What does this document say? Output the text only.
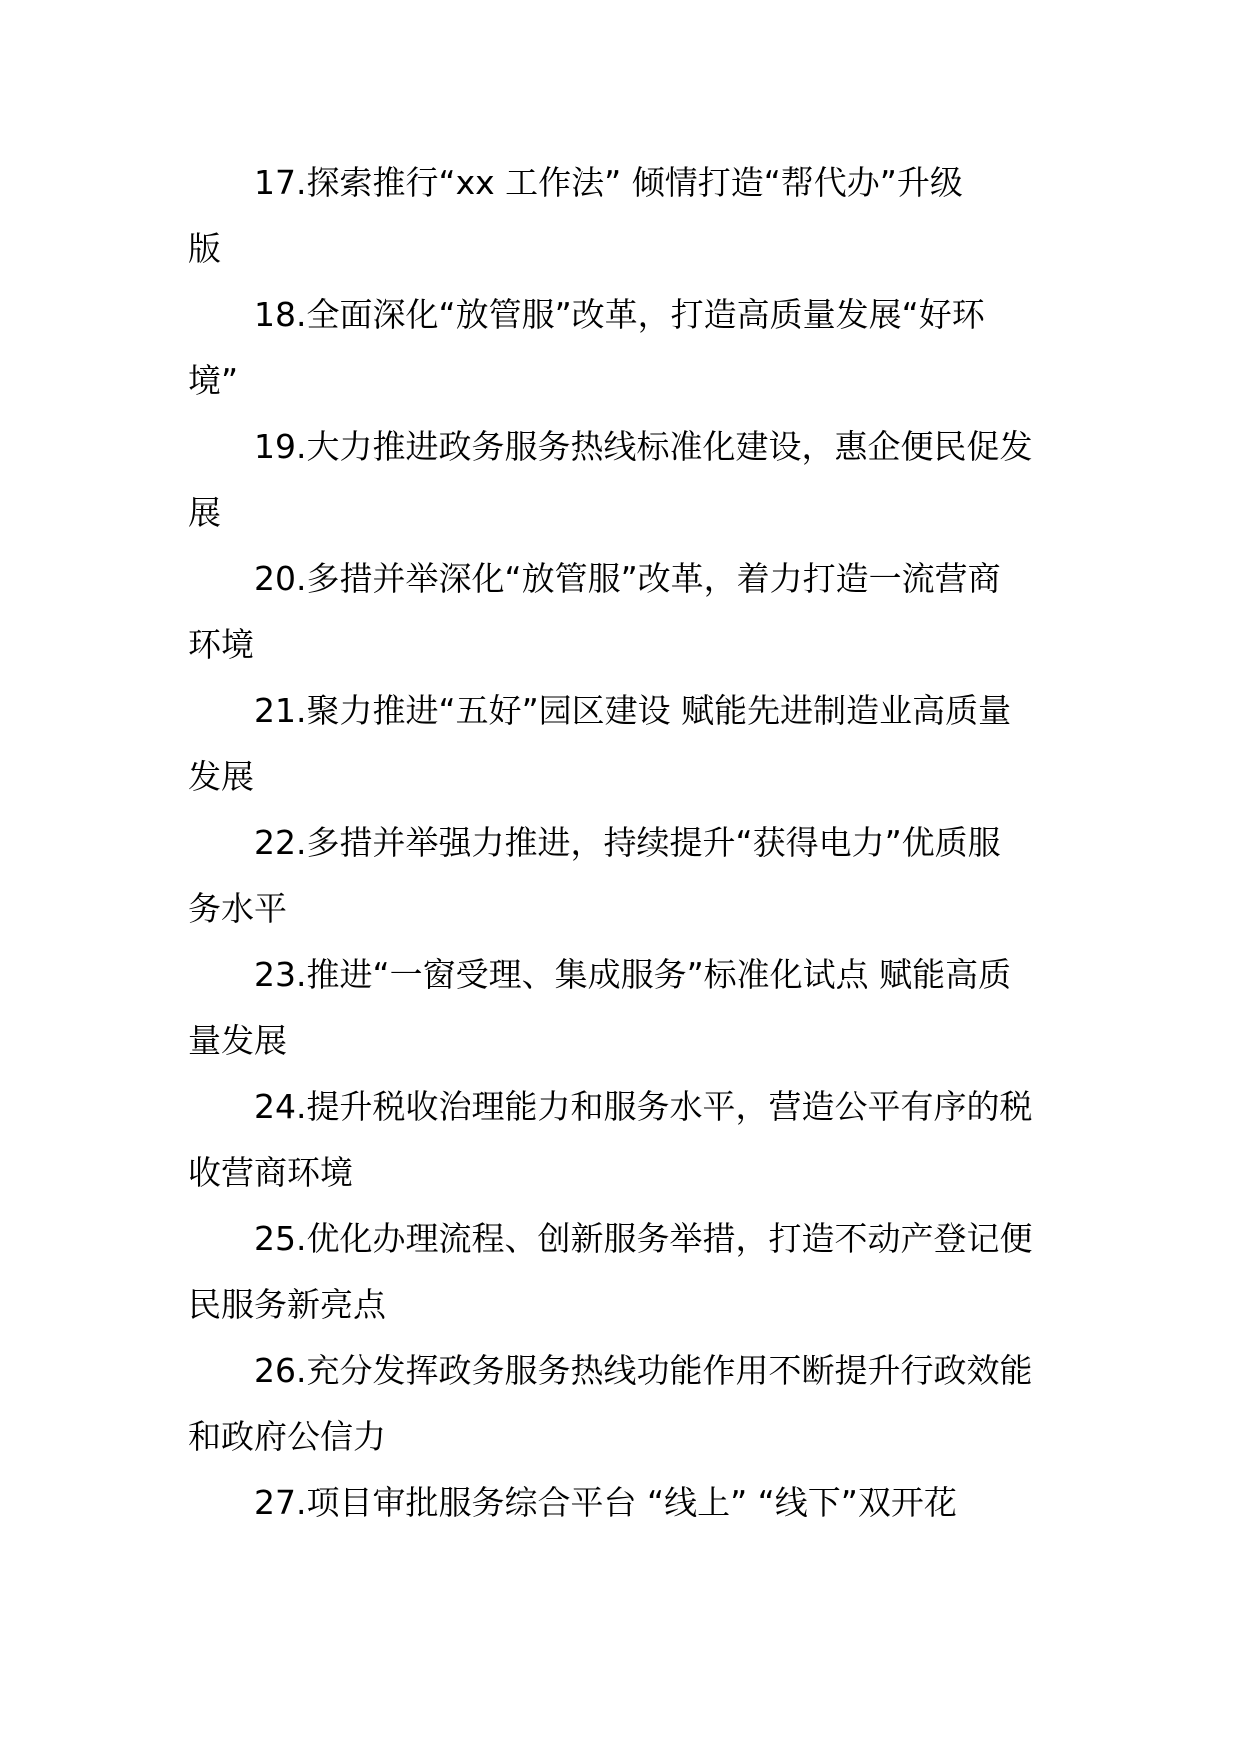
17.探索推行“xx 工作法” 倾情打造“帮代办”升级
版

18.全面深化“放管服”改革，打造高质量发展“好环
境”

19.大力推进政务服务热线标准化建设，惠企便民促发
展

20.多措并举深化“放管服”改革，着力打造一流营商
环境

21.聚力推进“五好”园区建设 赋能先进制造业高质量
发展

22.多措并举强力推进，持续提升“获得电力”优质服
务水平

23.推进“一窗受理、集成服务”标准化试点 赋能高质
量发展

24.提升税收治理能力和服务水平，营造公平有序的税
收营商环境

25.优化办理流程、创新服务举措，打造不动产登记便
民服务新亮点

26.充分发挥政务服务热线功能作用不断提升行政效能
和政府公信力

27.项目审批服务综合平台 “线上” “线下”双开花
